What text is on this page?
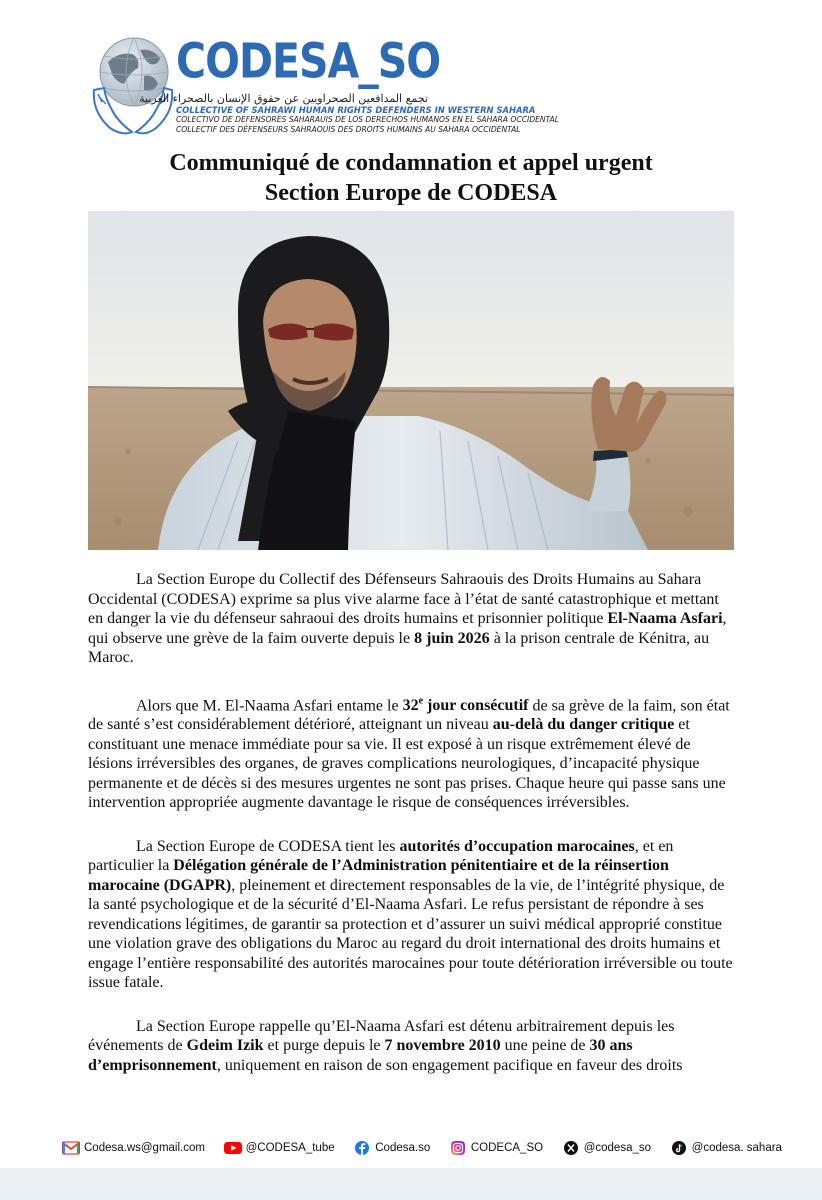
CODESA_SO
تجمع المدافعين الصحراويين عن حقوق الإنسان بالصحراء الغربية
COLLECTIVE OF SAHRAWI HUMAN RIGHTS DEFENDERS IN WESTERN SAHARA
COLECTIVO DE DEFENSORES SAHARAUIS DE LOS DERECHOS HUMANOS EN EL SAHARA OCCIDENTAL
COLLECTIF DES DÉFENSEURS SAHRAOUIS DES DROITS HUMAINS AU SAHARA OCCIDENTAL
Communiqué de condamnation et appel urgent
Section Europe de CODESA

La Section Europe du Collectif des Défenseurs Sahraouis des Droits Humains au Sahara Occidental (CODESA) exprime sa plus vive alarme face à l’état de santé catastrophique et mettant en danger la vie du défenseur sahraoui des droits humains et prisonnier politique El-Naama Asfari, qui observe une grève de la faim ouverte depuis le 8 juin 2026 à la prison centrale de Kénitra, au Maroc.

Alors que M. El-Naama Asfari entame le 32e jour consécutif de sa grève de la faim, son état de santé s’est considérablement détérioré, atteignant un niveau au-delà du danger critique et constituant une menace immédiate pour sa vie. Il est exposé à un risque extrêmement élevé de lésions irréversibles des organes, de graves complications neurologiques, d’incapacité physique permanente et de décès si des mesures urgentes ne sont pas prises. Chaque heure qui passe sans une intervention appropriée augmente davantage le risque de conséquences irréversibles.

La Section Europe de CODESA tient les autorités d’occupation marocaines, et en particulier la Délégation générale de l’Administration pénitentiaire et de la réinsertion marocaine (DGAPR), pleinement et directement responsables de la vie, de l’intégrité physique, de la santé psychologique et de la sécurité d’El-Naama Asfari. Le refus persistant de répondre à ses revendications légitimes, de garantir sa protection et d’assurer un suivi médical approprié constitue une violation grave des obligations du Maroc au regard du droit international des droits humains et engage l’entière responsabilité des autorités marocaines pour toute détérioration irréversible ou toute issue fatale.

La Section Europe rappelle qu’El-Naama Asfari est détenu arbitrairement depuis les événements de Gdeim Izik et purge depuis le 7 novembre 2010 une peine de 30 ans d’emprisonnement, uniquement en raison de son engagement pacifique en faveur des droits

Codesa.ws@gmail.com	@CODESA_tube	Codesa.so	CODECA_SO	@codesa_so	@codesa. sahara
